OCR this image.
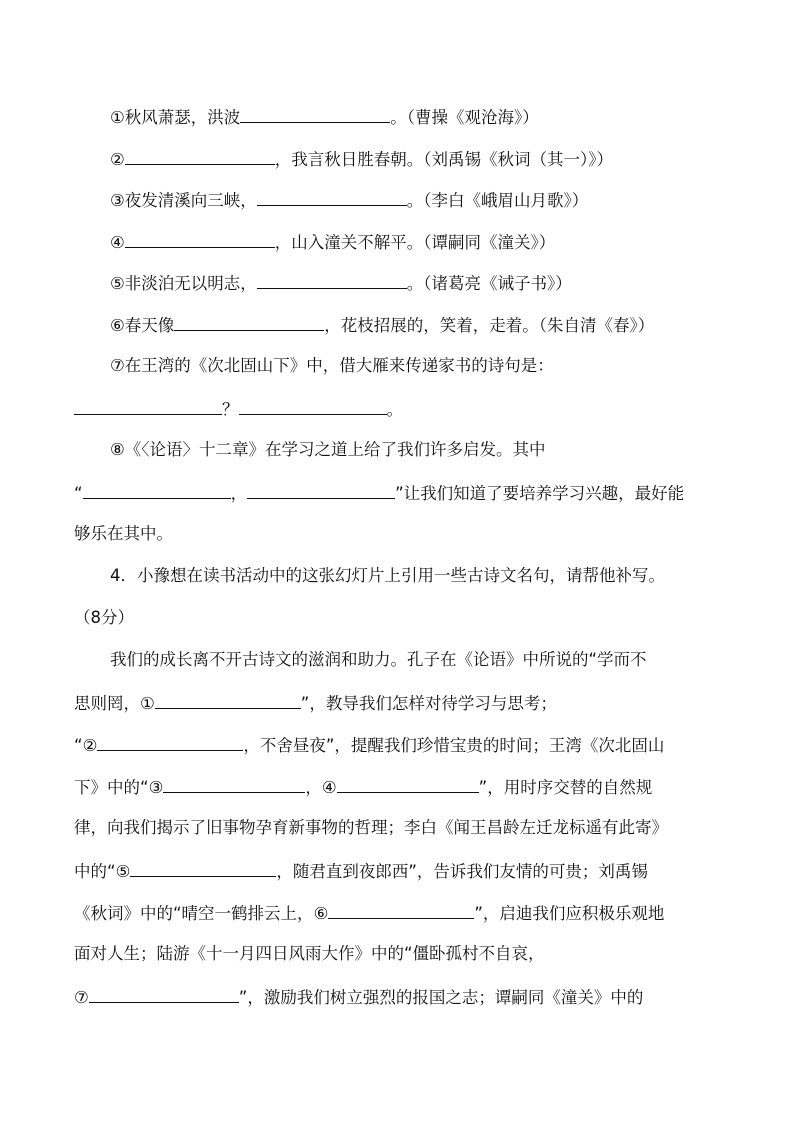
①秋风萧瑟，洪波	。（曹操《观沧海》）
②	，我言秋日胜春朝。（刘禹锡《秋词（其一）》）
③夜发清溪向三峡，	。（李白《峨眉山月歌》）
④	，山入潼关不解平。（谭嗣同《潼关》）
⑤非淡泊无以明志，	。（诸葛亮《诫子书》）
⑥春天像	，花枝招展的，笑着，走着。（朱自清《春》）
⑦在王湾的《次北固山下》中，借大雁来传递家书的诗句是：
？	。
⑧《〈论语〉十二章》在学习之道上给了我们许多启发。其中
“	，	”让我们知道了要培养学习兴趣，最好能
够乐在其中。
4．小豫想在读书活动中的这张幻灯片上引用一些古诗文名句，请帮他补写。
（8分）
我们的成长离不开古诗文的滋润和助力。孔子在《论语》中所说的“学而不
思则罔，①	”，教导我们怎样对待学习与思考；
“②	，不舍昼夜”，提醒我们珍惜宝贵的时间；王湾《次北固山
下》中的“③	，④	”，用时序交替的自然规
律，向我们揭示了旧事物孕育新事物的哲理；李白《闻王昌龄左迁龙标遥有此寄》
中的“⑤	，随君直到夜郎西”，告诉我们友情的可贵；刘禹锡
《秋词》中的“晴空一鹤排云上，⑥	”，启迪我们应积极乐观地
面对人生；陆游《十一月四日风雨大作》中的“僵卧孤村不自哀，
⑦	”，激励我们树立强烈的报国之志；谭嗣同《潼关》中的
